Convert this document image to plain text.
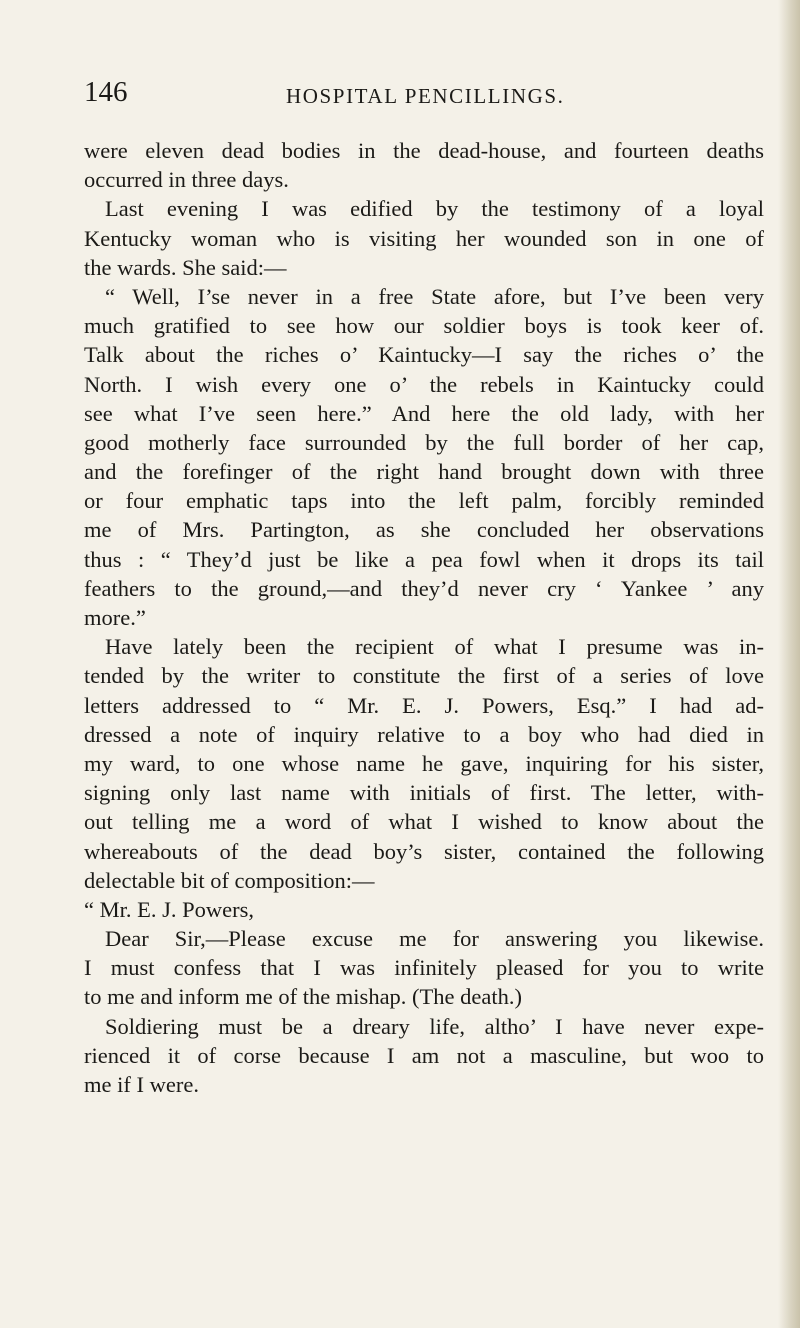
146	HOSPITAL PENCILLINGS.
were eleven dead bodies in the dead-house, and fourteen deaths
occurred in three days.
Last evening I was edified by the testimony of a loyal
Kentucky woman who is visiting her wounded son in one of
the wards. She said:—
“ Well, I’se never in a free State afore, but I’ve been very
much gratified to see how our soldier boys is took keer of.
Talk about the riches o’ Kaintucky—I say the riches o’ the
North. I wish every one o’ the rebels in Kaintucky could
see what I’ve seen here.” And here the old lady, with her
good motherly face surrounded by the full border of her cap,
and the forefinger of the right hand brought down with three
or four emphatic taps into the left palm, forcibly reminded
me of Mrs. Partington, as she concluded her observations
thus : “ They’d just be like a pea fowl when it drops its tail
feathers to the ground,—and they’d never cry ‘ Yankee ’ any
more.”
Have lately been the recipient of what I presume was in-
tended by the writer to constitute the first of a series of love
letters addressed to “ Mr. E. J. Powers, Esq.” I had ad-
dressed a note of inquiry relative to a boy who had died in
my ward, to one whose name he gave, inquiring for his sister,
signing only last name with initials of first. The letter, with-
out telling me a word of what I wished to know about the
whereabouts of the dead boy’s sister, contained the following
delectable bit of composition:—
“ Mr. E. J. Powers,
Dear Sir,—Please excuse me for answering you likewise.
I must confess that I was infinitely pleased for you to write
to me and inform me of the mishap. (The death.)
Soldiering must be a dreary life, altho’ I have never expe-
rienced it of corse because I am not a masculine, but woo to
me if I were.
